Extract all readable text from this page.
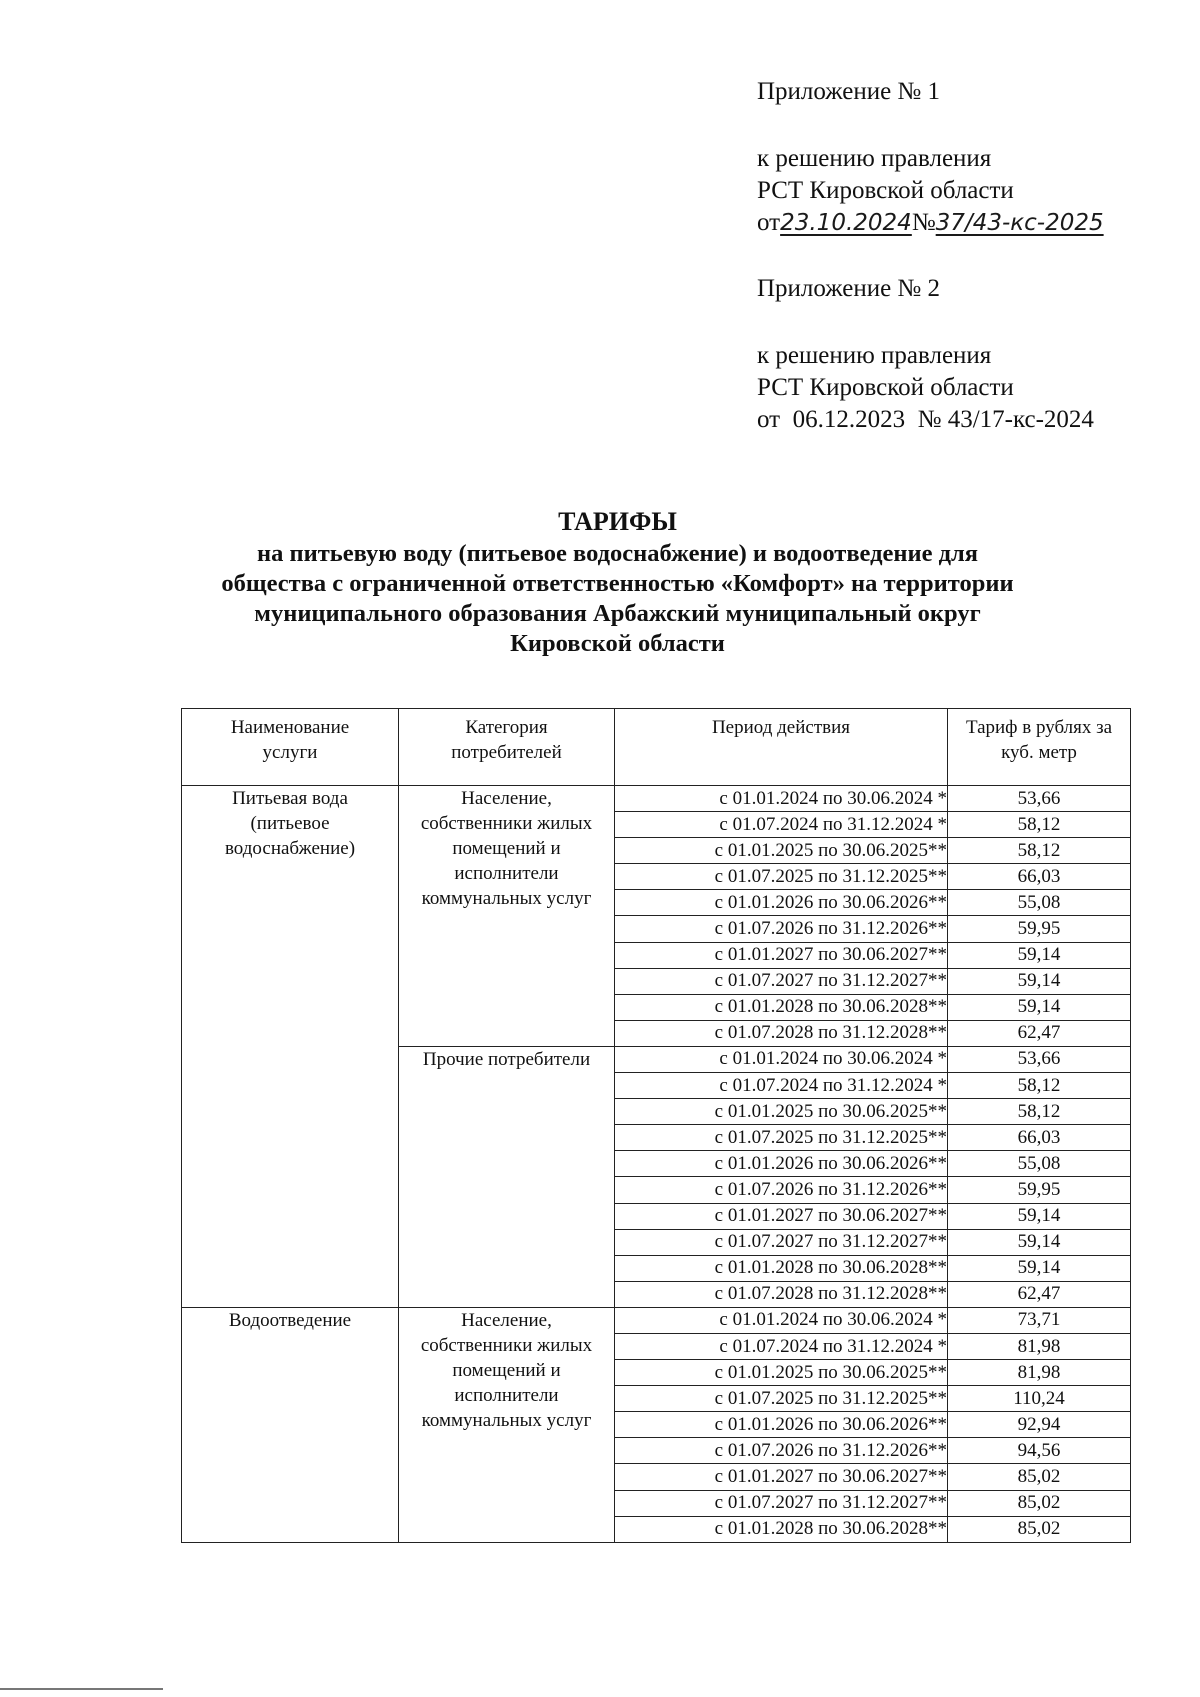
Приложение № 1
к решению правления
РСТ Кировской области
от23.10.2024№37/43-кс-2025
Приложение № 2
к решению правления
РСТ Кировской области
от  06.12.2023  № 43/17-кс-2024
ТАРИФЫ
на питьевую воду (питьевое водоснабжение) и водоотведение для
общества с ограниченной ответственностью «Комфорт» на территории
муниципального образования Арбажский муниципальный округ
Кировской области
Наименование
услуги	Категория
потребителей	Период действия	Тариф в рублях за
куб. метр

Питьевая вода
(питьевое
водоснабжение)	Население,
собственники жилых
помещений и
исполнители
коммунальных услуг	с 01.01.2024 по 30.06.2024 *	53,66
		с 01.07.2024 по 31.12.2024 *	58,12
		с 01.01.2025 по 30.06.2025**	58,12
		с 01.07.2025 по 31.12.2025**	66,03
		с 01.01.2026 по 30.06.2026**	55,08
		с 01.07.2026 по 31.12.2026**	59,95
		с 01.01.2027 по 30.06.2027**	59,14
		с 01.07.2027 по 31.12.2027**	59,14
		с 01.01.2028 по 30.06.2028**	59,14
		с 01.07.2028 по 31.12.2028**	62,47

	Прочие потребители	с 01.01.2024 по 30.06.2024 *	53,66
		с 01.07.2024 по 31.12.2024 *	58,12
		с 01.01.2025 по 30.06.2025**	58,12
		с 01.07.2025 по 31.12.2025**	66,03
		с 01.01.2026 по 30.06.2026**	55,08
		с 01.07.2026 по 31.12.2026**	59,95
		с 01.01.2027 по 30.06.2027**	59,14
		с 01.07.2027 по 31.12.2027**	59,14
		с 01.01.2028 по 30.06.2028**	59,14
		с 01.07.2028 по 31.12.2028**	62,47

Водоотведение	Население,
собственники жилых
помещений и
исполнители
коммунальных услуг	с 01.01.2024 по 30.06.2024 *	73,71
		с 01.07.2024 по 31.12.2024 *	81,98
		с 01.01.2025 по 30.06.2025**	81,98
		с 01.07.2025 по 31.12.2025**	110,24
		с 01.01.2026 по 30.06.2026**	92,94
		с 01.07.2026 по 31.12.2026**	94,56
		с 01.01.2027 по 30.06.2027**	85,02
		с 01.07.2027 по 31.12.2027**	85,02
		с 01.01.2028 по 30.06.2028**	85,02
